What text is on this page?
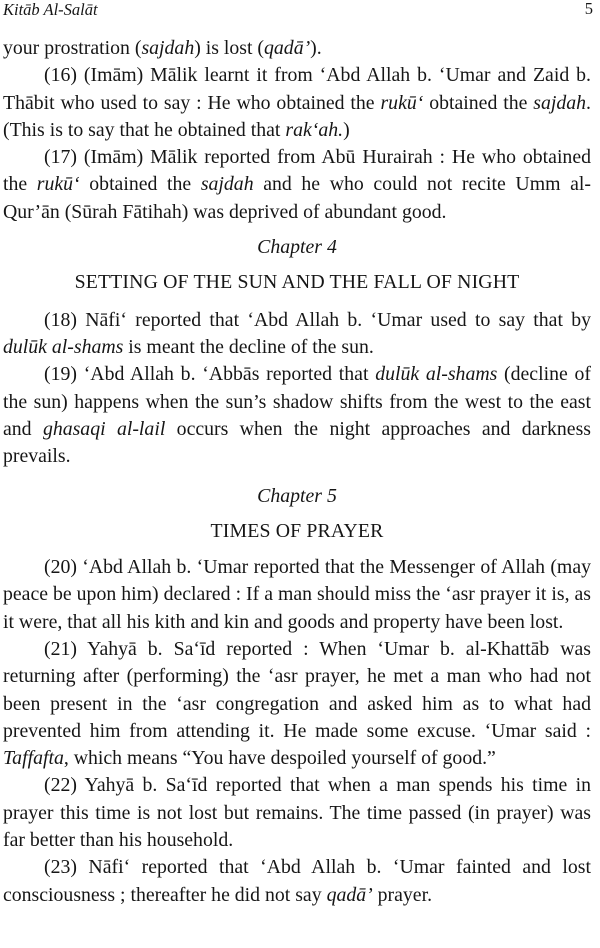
Kitāb Al-Salāt	5

your prostration (sajdah) is lost (qadā’).

(16) (Imām) Mālik learnt it from ‘Abd Allah b. ‘Umar and Zaid b. Thābit who used to say : He who obtained the rukū‘ obtained the sajdah. (This is to say that he obtained that rak‘ah.)

(17) (Imām) Mālik reported from Abū Hurairah : He who obtained the rukū‘ obtained the sajdah and he who could not recite Umm al-Qur’ān (Sūrah Fātihah) was deprived of abundant good.

Chapter 4

SETTING OF THE SUN AND THE FALL OF NIGHT

(18) Nāfi‘ reported that ‘Abd Allah b. ‘Umar used to say that by dulūk al-shams is meant the decline of the sun.

(19) ‘Abd Allah b. ‘Abbās reported that dulūk al-shams (decline of the sun) happens when the sun’s shadow shifts from the west to the east and ghasaqi al-lail occurs when the night approaches and darkness prevails.

Chapter 5

TIMES OF PRAYER

(20) ‘Abd Allah b. ‘Umar reported that the Messenger of Allah (may peace be upon him) declared : If a man should miss the ‘asr prayer it is, as it were, that all his kith and kin and goods and property have been lost.

(21) Yahyā b. Sa‘īd reported : When ‘Umar b. al-Khattāb was returning after (performing) the ‘asr prayer, he met a man who had not been present in the ‘asr congregation and asked him as to what had prevented him from attending it. He made some excuse. ‘Umar said : Taffafta, which means “You have despoiled yourself of good.”

(22) Yahyā b. Sa‘īd reported that when a man spends his time in prayer this time is not lost but remains. The time passed (in prayer) was far better than his household.

(23) Nāfi‘ reported that ‘Abd Allah b. ‘Umar fainted and lost consciousness ; thereafter he did not say qadā’ prayer.
